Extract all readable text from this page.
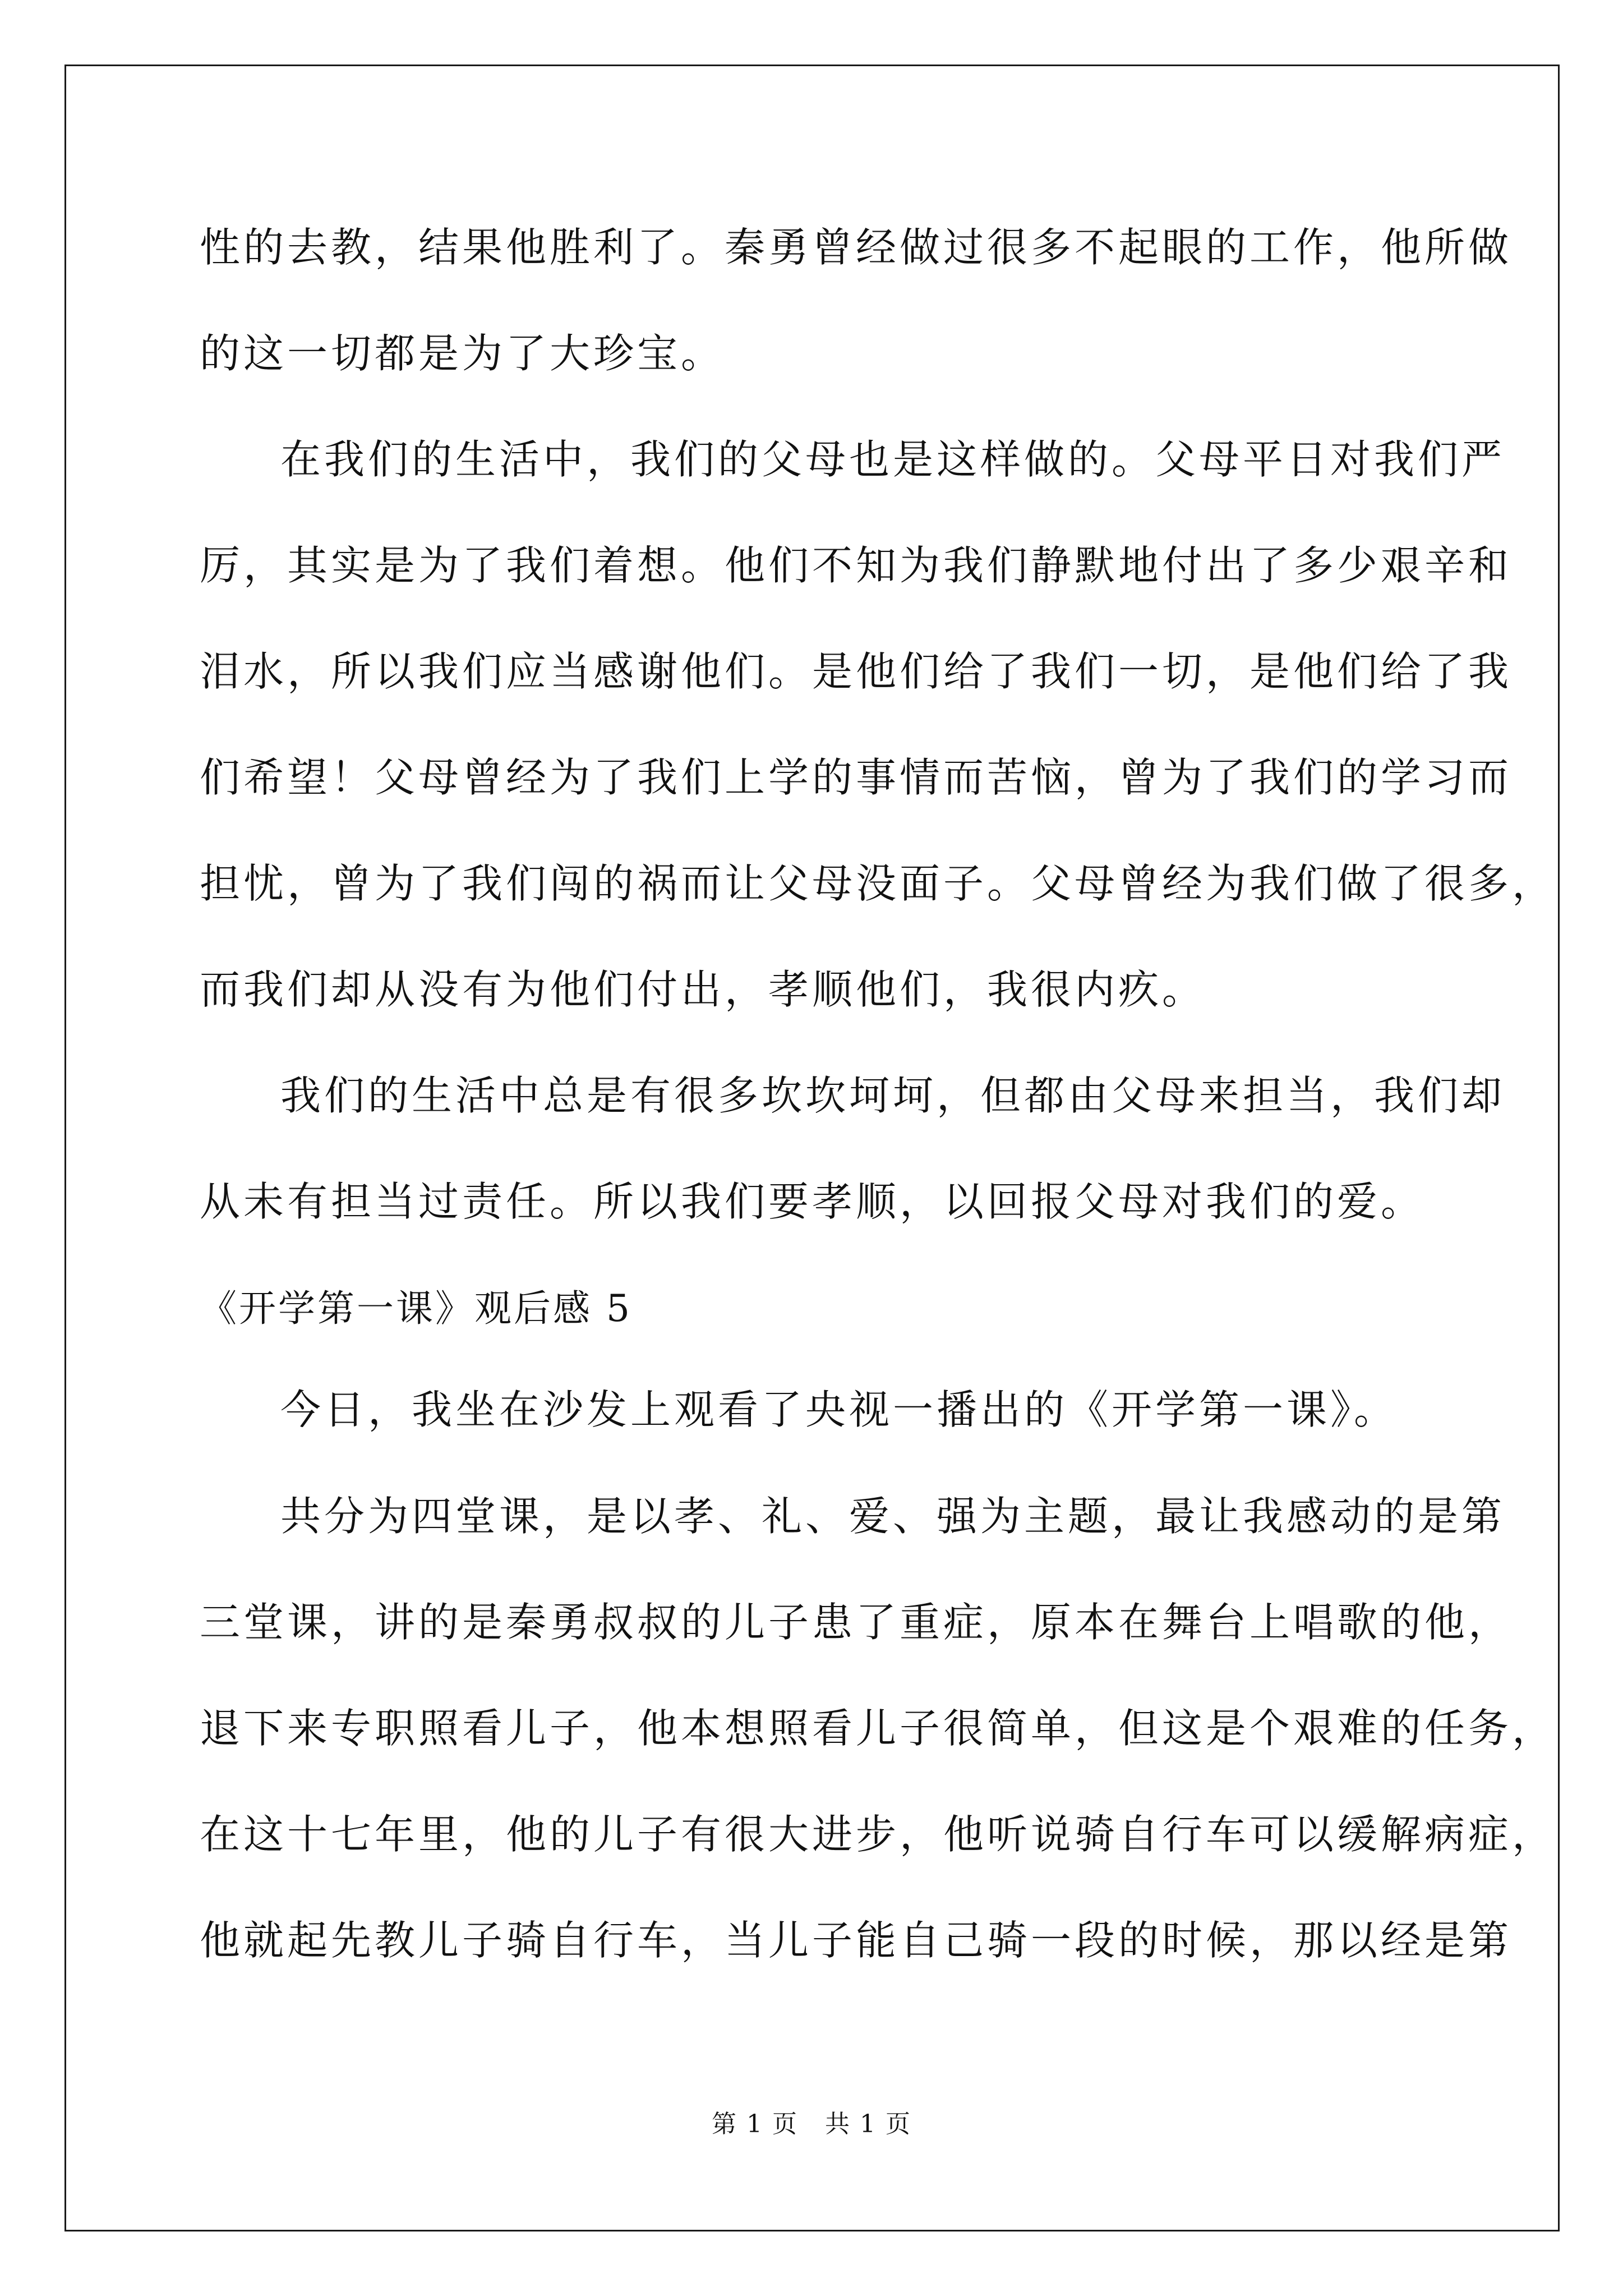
性的去教，结果他胜利了。秦勇曾经做过很多不起眼的工作，他所做
的这一切都是为了大珍宝。
在我们的生活中，我们的父母也是这样做的。父母平日对我们严
厉，其实是为了我们着想。他们不知为我们静默地付出了多少艰辛和
泪水，所以我们应当感谢他们。是他们给了我们一切，是他们给了我
们希望！父母曾经为了我们上学的事情而苦恼，曾为了我们的学习而
担忧，曾为了我们闯的祸而让父母没面子。父母曾经为我们做了很多，
而我们却从没有为他们付出，孝顺他们，我很内疚。
我们的生活中总是有很多坎坎坷坷，但都由父母来担当，我们却
从未有担当过责任。所以我们要孝顺，以回报父母对我们的爱。
《开学第一课》观后感 5
今日，我坐在沙发上观看了央视一播出的《开学第一课》。
共分为四堂课，是以孝、礼、爱、强为主题，最让我感动的是第
三堂课，讲的是秦勇叔叔的儿子患了重症，原本在舞台上唱歌的他，
退下来专职照看儿子，他本想照看儿子很简单，但这是个艰难的任务，
在这十七年里，他的儿子有很大进步，他听说骑自行车可以缓解病症，
他就起先教儿子骑自行车，当儿子能自己骑一段的时候，那以经是第
第 1 页 共 1 页
